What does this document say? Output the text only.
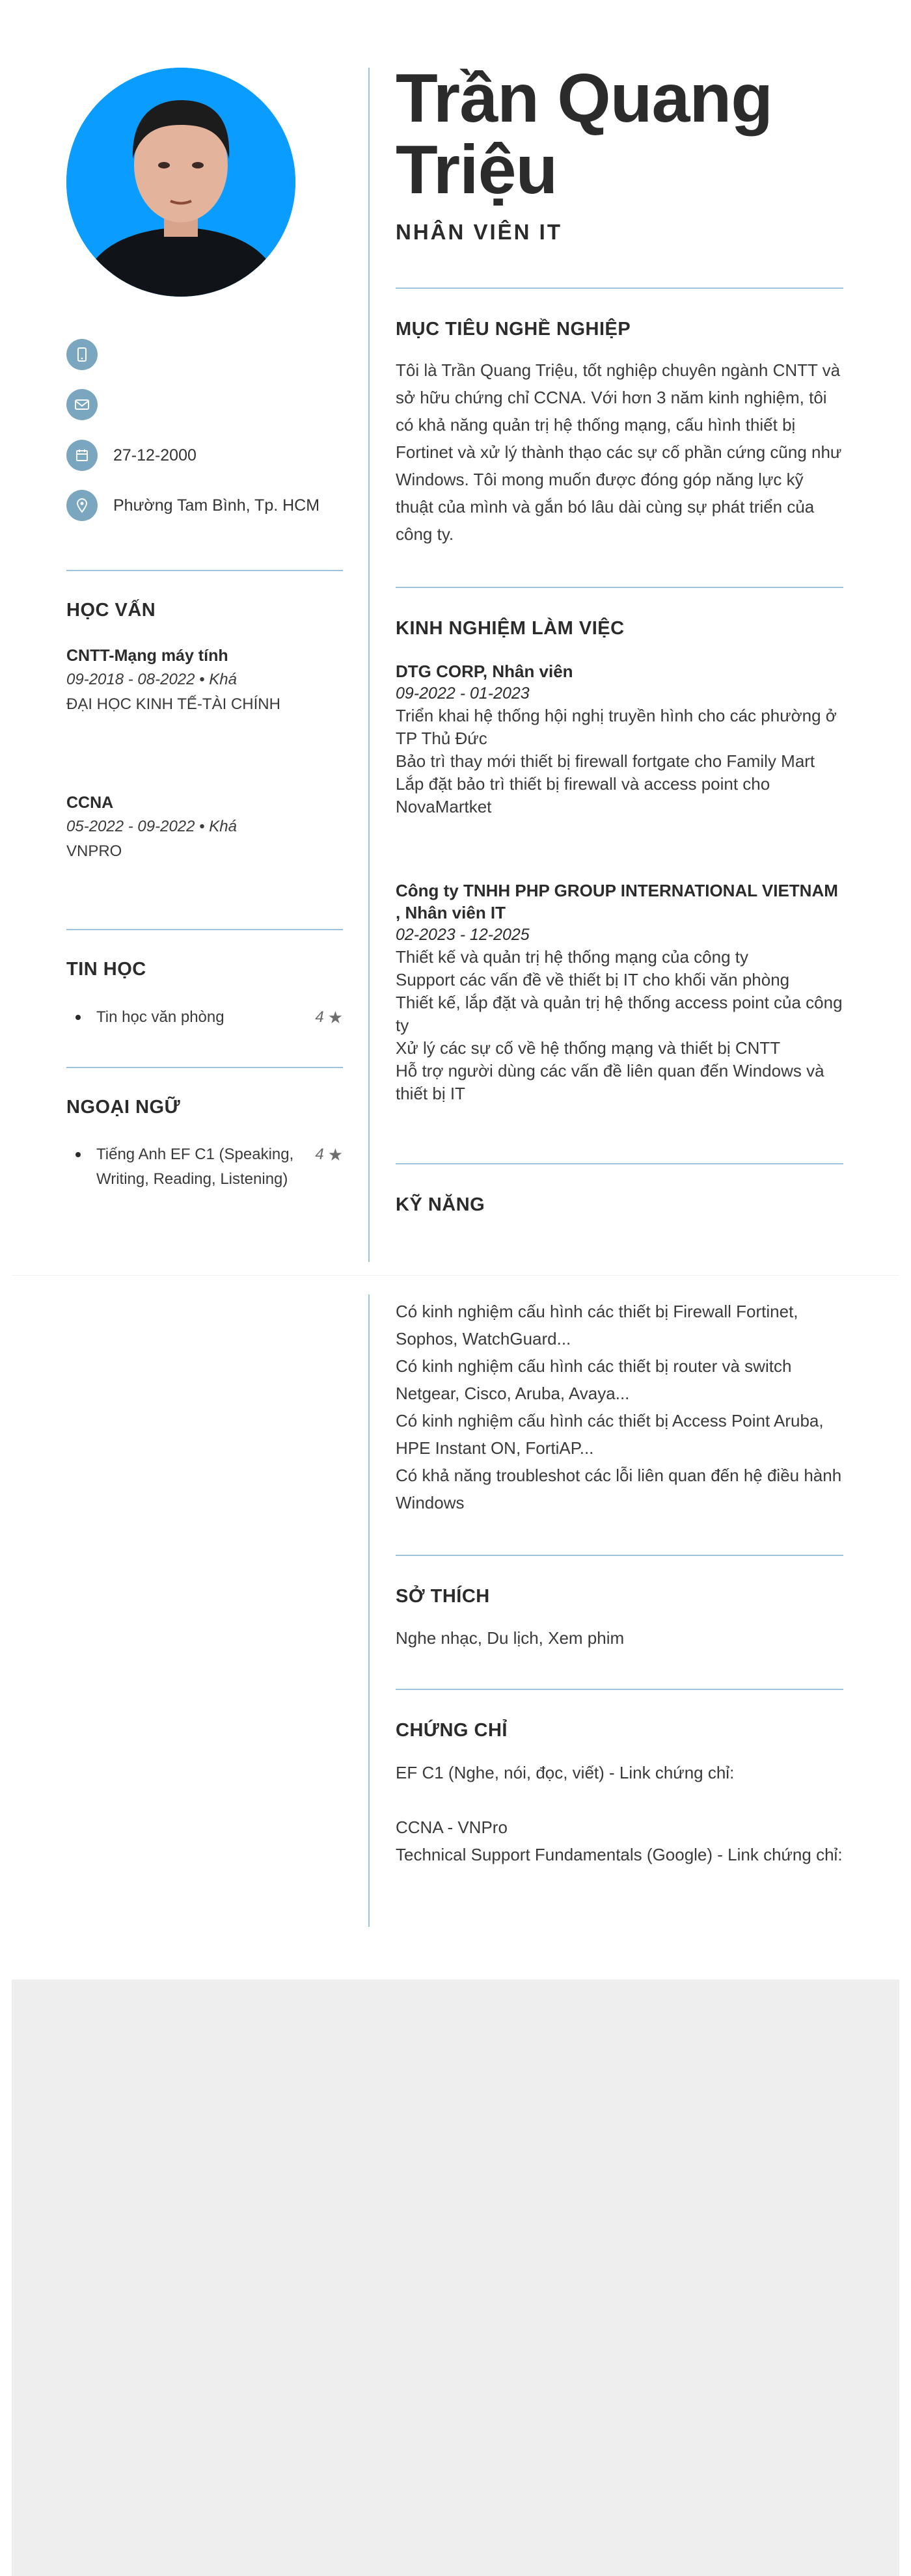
27-12-2000
Phường Tam Bình, Tp. HCM
HỌC VẤN
CNTT-Mạng máy tính
09-2018 - 08-2022 • Khá
ĐẠI HỌC KINH TẾ-TÀI CHÍNH
CCNA
05-2022 - 09-2022 • Khá
VNPRO
TIN HỌC
Tin học văn phòng	4 ★
NGOẠI NGỮ
Tiếng Anh EF C1 (Speaking, Writing, Reading, Listening)
4 ★
Trần Quang
Triệu
NHÂN VIÊN IT
MỤC TIÊU NGHỀ NGHIỆP
Tôi là Trần Quang Triệu, tốt nghiệp chuyên ngành CNTT và sở hữu chứng chỉ CCNA. Với hơn 3 năm kinh nghiệm, tôi có khả năng quản trị hệ thống mạng, cấu hình thiết bị Fortinet và xử lý thành thạo các sự cố phần cứng cũng như Windows. Tôi mong muốn được đóng góp năng lực kỹ thuật của mình và gắn bó lâu dài cùng sự phát triển của công ty.
KINH NGHIỆM LÀM VIỆC
DTG CORP, Nhân viên
09-2022 - 01-2023
Triển khai hệ thống hội nghị truyền hình cho các phường ở TP Thủ Đức
Bảo trì thay mới thiết bị firewall fortgate cho Family Mart
Lắp đặt bảo trì thiết bị firewall và access point cho NovaMartket
Công ty TNHH PHP GROUP INTERNATIONAL VIETNAM , Nhân viên IT
02-2023 - 12-2025
Thiết kế và quản trị hệ thống mạng của công ty
Support các vấn đề về thiết bị IT cho khối văn phòng
Thiết kế, lắp đặt và quản trị hệ thống access point của công ty
Xử lý các sự cố về hệ thống mạng và thiết bị CNTT
Hỗ trợ người dùng các vấn đề liên quan đến Windows và thiết bị IT
KỸ NĂNG
Có kinh nghiệm cấu hình các thiết bị Firewall Fortinet, Sophos, WatchGuard...
Có kinh nghiệm cấu hình các thiết bị router và switch Netgear, Cisco, Aruba, Avaya...
Có kinh nghiệm cấu hình các thiết bị Access Point Aruba, HPE Instant ON, FortiAP...
Có khả năng troubleshot các lỗi liên quan đến hệ điều hành Windows
SỞ THÍCH
Nghe nhạc, Du lịch, Xem phim
CHỨNG CHỈ
EF C1 (Nghe, nói, đọc, viết) - Link chứng chỉ:
CCNA - VNPro
Technical Support Fundamentals (Google) - Link chứng chỉ:
